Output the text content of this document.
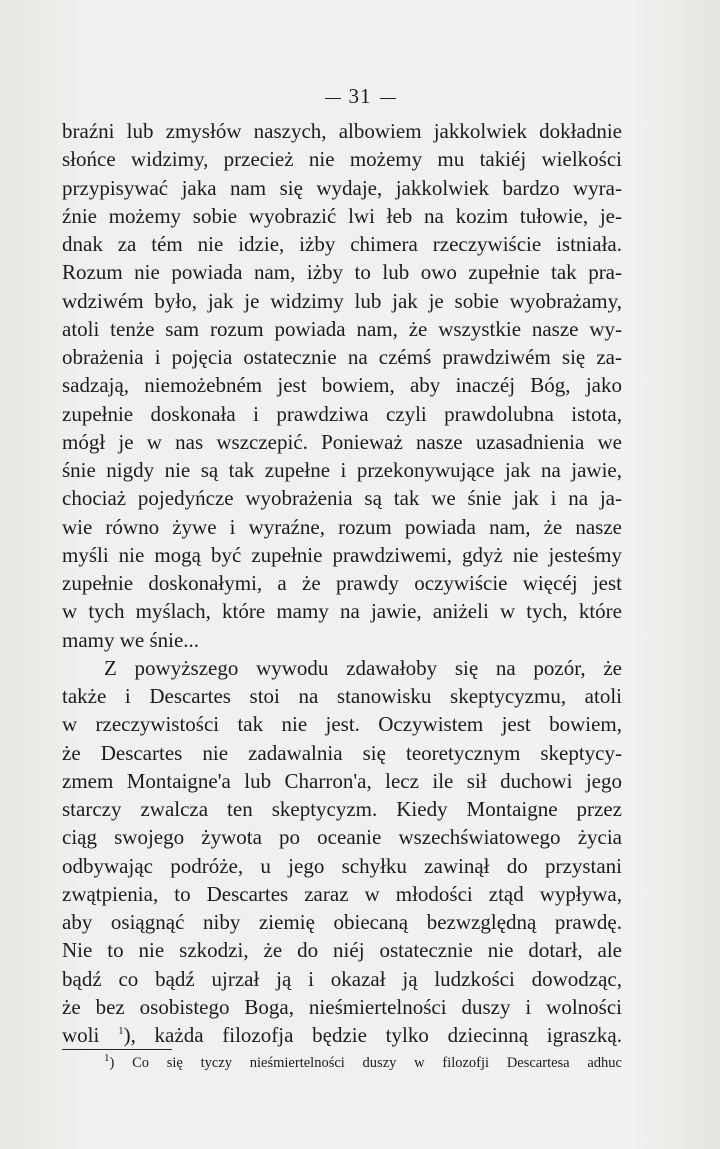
31
braźni lub zmysłów naszych, albowiem jakkolwiek dokładnie
słońce widzimy, przecież nie możemy mu takiéj wielkości
przypisywać jaka nam się wydaje, jakkolwiek bardzo wyra-
źnie możemy sobie wyobrazić lwi łeb na kozim tułowie, je-
dnak za tém nie idzie, iżby chimera rzeczywiście istniała.
Rozum nie powiada nam, iżby to lub owo zupełnie tak pra-
wdziwém było, jak je widzimy lub jak je sobie wyobrażamy,
atoli tenże sam rozum powiada nam, że wszystkie nasze wy-
obrażenia i pojęcia ostatecznie na czémś prawdziwém się za-
sadzają, niemożebném jest bowiem, aby inaczéj Bóg, jako
zupełnie doskonała i prawdziwa czyli prawdolubna istota,
mógł je w nas wszczepić. Ponieważ nasze uzasadnienia we
śnie nigdy nie są tak zupełne i przekonywujące jak na jawie,
chociaż pojedyńcze wyobrażenia są tak we śnie jak i na ja-
wie równo żywe i wyraźne, rozum powiada nam, że nasze
myśli nie mogą być zupełnie prawdziwemi, gdyż nie jesteśmy
zupełnie doskonałymi, a że prawdy oczywiście więcéj jest
w tych myślach, które mamy na jawie, aniżeli w tych, które
mamy we śnie...
Z powyższego wywodu zdawałoby się na pozór, że
także i Descartes stoi na stanowisku skeptycyzmu, atoli
w rzeczywistości tak nie jest. Oczywistem jest bowiem,
że Descartes nie zadawalnia się teoretycznym skeptycy-
zmem Montaigne'a lub Charron'a, lecz ile sił duchowi jego
starczy zwalcza ten skeptycyzm. Kiedy Montaigne przez
ciąg swojego żywota po oceanie wszechświatowego życia
odbywając podróże, u jego schyłku zawinął do przystani
zwątpienia, to Descartes zaraz w młodości ztąd wypływa,
aby osiągnąć niby ziemię obiecaną bezwzględną prawdę.
Nie to nie szkodzi, że do niéj ostatecznie nie dotarł, ale
bądź co bądź ujrzał ją i okazał ją ludzkości dowodząc,
że bez osobistego Boga, nieśmiertelności duszy i wolności
woli $^1$), każda filozofja będzie tylko dziecinną igraszką.
$^1$) Co się tyczy nieśmiertelności duszy w filozofji Descartesa adhuc
